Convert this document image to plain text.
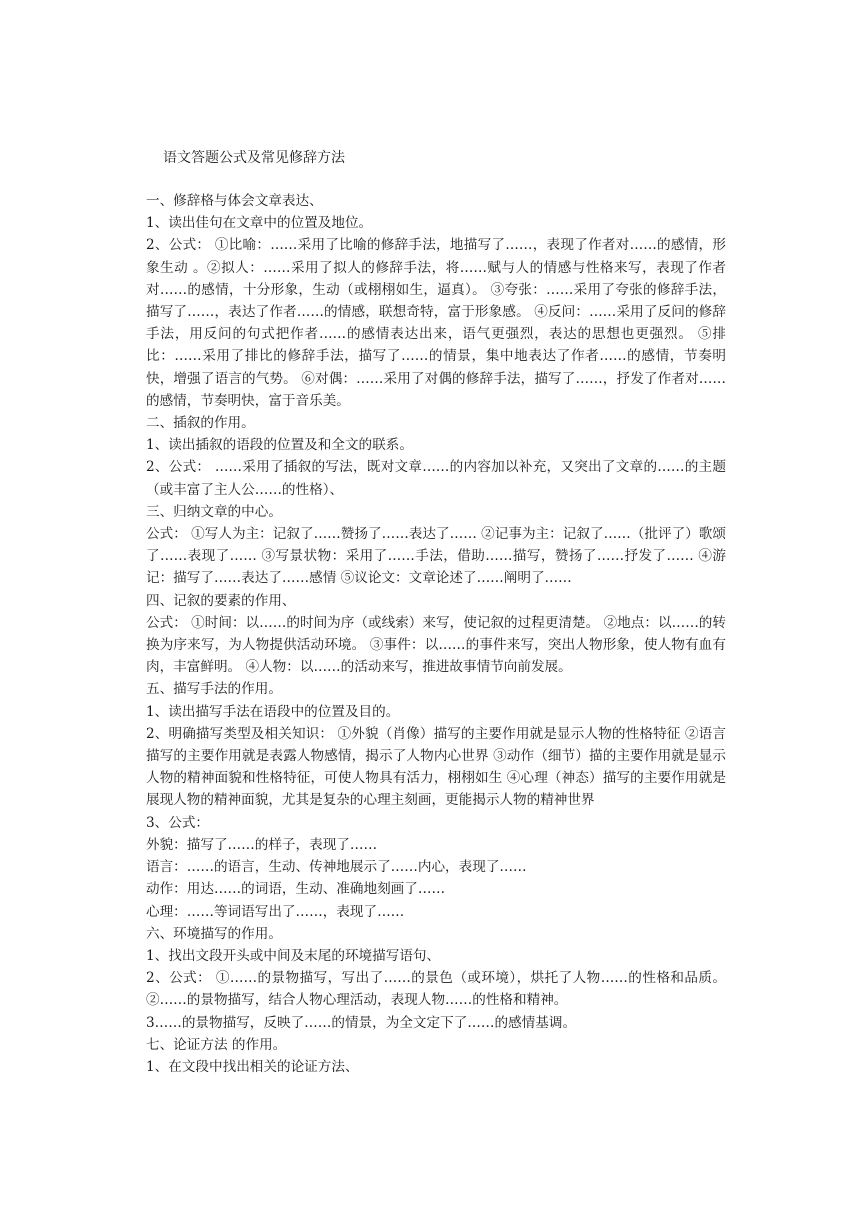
语文答题公式及常见修辞方法

一、修辞格与体会文章表达、

1、读出佳句在文章中的位置及地位。

2、公式： ①比喻：……采用了比喻的修辞手法，地描写了……，表现了作者对……的感情，形象生动 。②拟人：……采用了拟人的修辞手法，将……赋与人的情感与性格来写，表现了作者对……的感情，十分形象，生动（或栩栩如生，逼真）。 ③夸张：……采用了夸张的修辞手法，描写了……，表达了作者……的情感，联想奇特，富于形象感。 ④反问：……采用了反问的修辞手法，用反问的句式把作者……的感情表达出来，语气更强烈，表达的思想也更强烈。 ⑤排比：……采用了排比的修辞手法，描写了……的情景，集中地表达了作者……的感情，节奏明快，增强了语言的气势。 ⑥对偶：……采用了对偶的修辞手法，描写了……，抒发了作者对……的感情，节奏明快，富于音乐美。

二、插叙的作用。

1、读出插叙的语段的位置及和全文的联系。

2、公式： ……采用了插叙的写法，既对文章……的内容加以补充，又突出了文章的……的主题（或丰富了主人公……的性格）、

三、归纳文章的中心。

公式： ①写人为主：记叙了……赞扬了……表达了…… ②记事为主：记叙了……（批评了）歌颂了……表现了…… ③写景状物：采用了……手法，借助……描写，赞扬了……抒发了…… ④游记：描写了……表达了……感情 ⑤议论文：文章论述了……阐明了……

四、记叙的要素的作用、

公式： ①时间：以……的时间为序（或线索）来写，使记叙的过程更清楚。 ②地点：以……的转换为序来写，为人物提供活动环境。 ③事件：以……的事件来写，突出人物形象，使人物有血有肉，丰富鲜明。 ④人物：以……的活动来写，推进故事情节向前发展。

五、描写手法的作用。

1、读出描写手法在语段中的位置及目的。

2、明确描写类型及相关知识： ①外貌（肖像）描写的主要作用就是显示人物的性格特征 ②语言描写的主要作用就是表露人物感情，揭示了人物内心世界 ③动作（细节）描的主要作用就是显示人物的精神面貌和性格特征，可使人物具有活力，栩栩如生 ④心理（神态）描写的主要作用就是展现人物的精神面貌，尤其是复杂的心理主刻画，更能揭示人物的精神世界

3、公式：

外貌：描写了……的样子，表现了……

语言：……的语言，生动、传神地展示了……内心，表现了……

动作：用达……的词语，生动、准确地刻画了……

心理：……等词语写出了……，表现了……

六、环境描写的作用。

1、找出文段开头或中间及末尾的环境描写语句、

2、公式： ①……的景物描写，写出了……的景色（或环境），烘托了人物……的性格和品质。 ②……的景物描写，结合人物心理活动，表现人物……的性格和精神。

3……的景物描写，反映了……的情景，为全文定下了……的感情基调。

七、论证方法 的作用。

1、在文段中找出相关的论证方法、
